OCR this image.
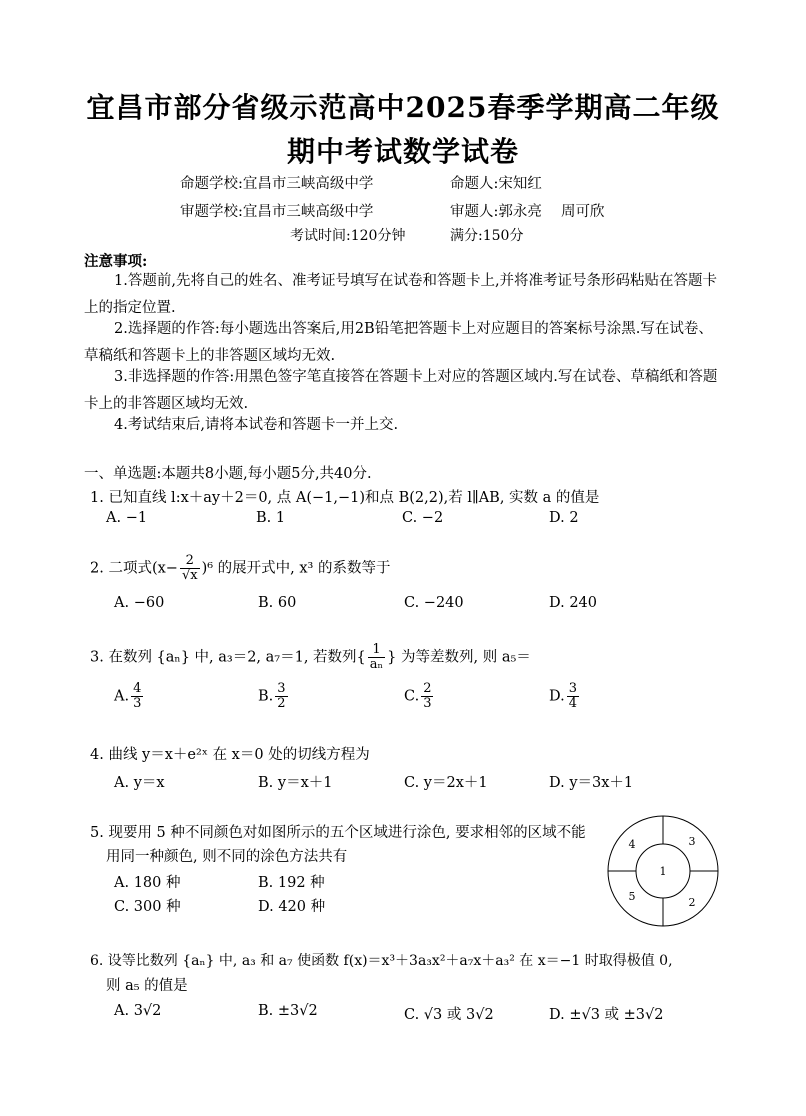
宜昌市部分省级示范高中2025春季学期高二年级
期中考试数学试卷
命题学校:宜昌市三峡高级中学	命题人:宋知红
审题学校:宜昌市三峡高级中学	审题人:郭永亮　 周可欣
考试时间:120分钟	满分:150分
注意事项:
1.答题前,先将自己的姓名、准考证号填写在试卷和答题卡上,并将准考证号条形码粘贴在答题卡上的指定位置.
2.选择题的作答:每小题选出答案后,用2B铅笔把答题卡上对应题目的答案标号涂黑.写在试卷、草稿纸和答题卡上的非答题区域均无效.
3.非选择题的作答:用黑色签字笔直接答在答题卡上对应的答题区域内.写在试卷、草稿纸和答题卡上的非答题区域均无效.
4.考试结束后,请将本试卷和答题卡一并上交.
一、单选题:本题共8小题,每小题5分,共40分.
1. 已知直线 l:x＋ay＋2＝0, 点 A(−1,−1)和点 B(2,2),若 l∥AB, 实数 a 的值是
A. −1	B. 1	C. −2	D. 2
2. 二项式$(x- \frac{2}{√x} )^6$ 的展开式中, x³ 的系数等于
A. −60	B. 60	C. −240	D. 240
3. 在数列 {aₙ} 中, a₃＝2, a₇＝1, 若数列{ $\frac{1}{\text{aₙ}}$ } 为等差数列, 则 a₅＝
A. $\frac{4}{3}$	B. $\frac{3}{2}$	C. $\frac{2}{3}$	D. $\frac{3}{4}$
4. 曲线 y＝x＋e²ˣ 在 x＝0 处的切线方程为
A. y＝x	B. y＝x＋1	C. y＝2x＋1	D. y＝3x＋1
5. 现要用 5 种不同颜色对如图所示的五个区域进行涂色, 要求相邻的区域不能
用同一种颜色, 则不同的涂色方法共有
A. 180 种	B. 192 种
C. 300 种	D. 420 种
1
2
3
4
5
6. 设等比数列 {aₙ} 中, a₃ 和 a₇ 使函数 f(x)＝x³＋3a₃x²＋a₇x＋a₃² 在 x＝−1 时取得极值 0,
则 a₅ 的值是
A. 3√2	B. ±3√2	C. √3 或 3√2	D. ±√3 或 ±3√2
